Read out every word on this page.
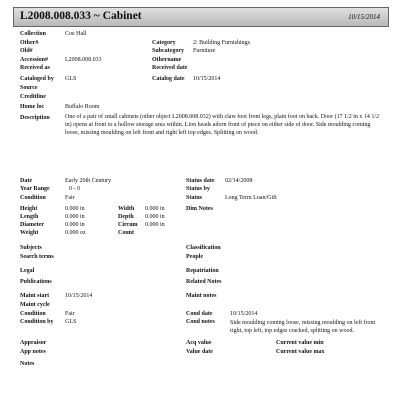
L2008.008.033 ~ Cabinet	10/15/2014
Collection	Coe Hall
Other#
Old#
Accession#	L2008.008.033
Received as
Category	2: Building Furnishings
Subcategory Furniture
Othername
Received date
Cataloged by GLS	Catalog date 10/15/2014
Source
Creditline
Home loc	Buffalo Room
Description	One of a pair of small cabinets (other object L2008.008.032) with claw foot front legs, plain foot on back. Door (17 1/2 in x 14 1/2 in) opens at front to a hollow storage area within. Lion heads adorn front of piece on either side of door. Side moulding coming loose, missing moulding on left front and right left top edges. Splitting on wood.
Date	Early 20th Century
Year Range	0 - 0
Condition	Fair
Height	0.000 in
Length	0.000 in
Diameter	0.000 in
Weight	0.000 oz
Width 0.000 in
Depth 0.000 in
Circum 0.000 in
Count
Status date 02/14/2008
Status by
Status	Long Term Loan/Gift
Dim Notes
Subjects
Search terms
Classification
People
Legal
Publications
Repatriation
Related Notes
Maint start	10/15/2014
Maint cycle
Condition	Fair
Condition by GLS
Maint notes
Cond date	10/15/2014
Cond notes	Side moulding coming loose, missing moulding on left front right, top left, top edges cracked, splitting on wood.
Appraisor
App notes
Acq value
Value date
Current value min
Current value max
Notes
